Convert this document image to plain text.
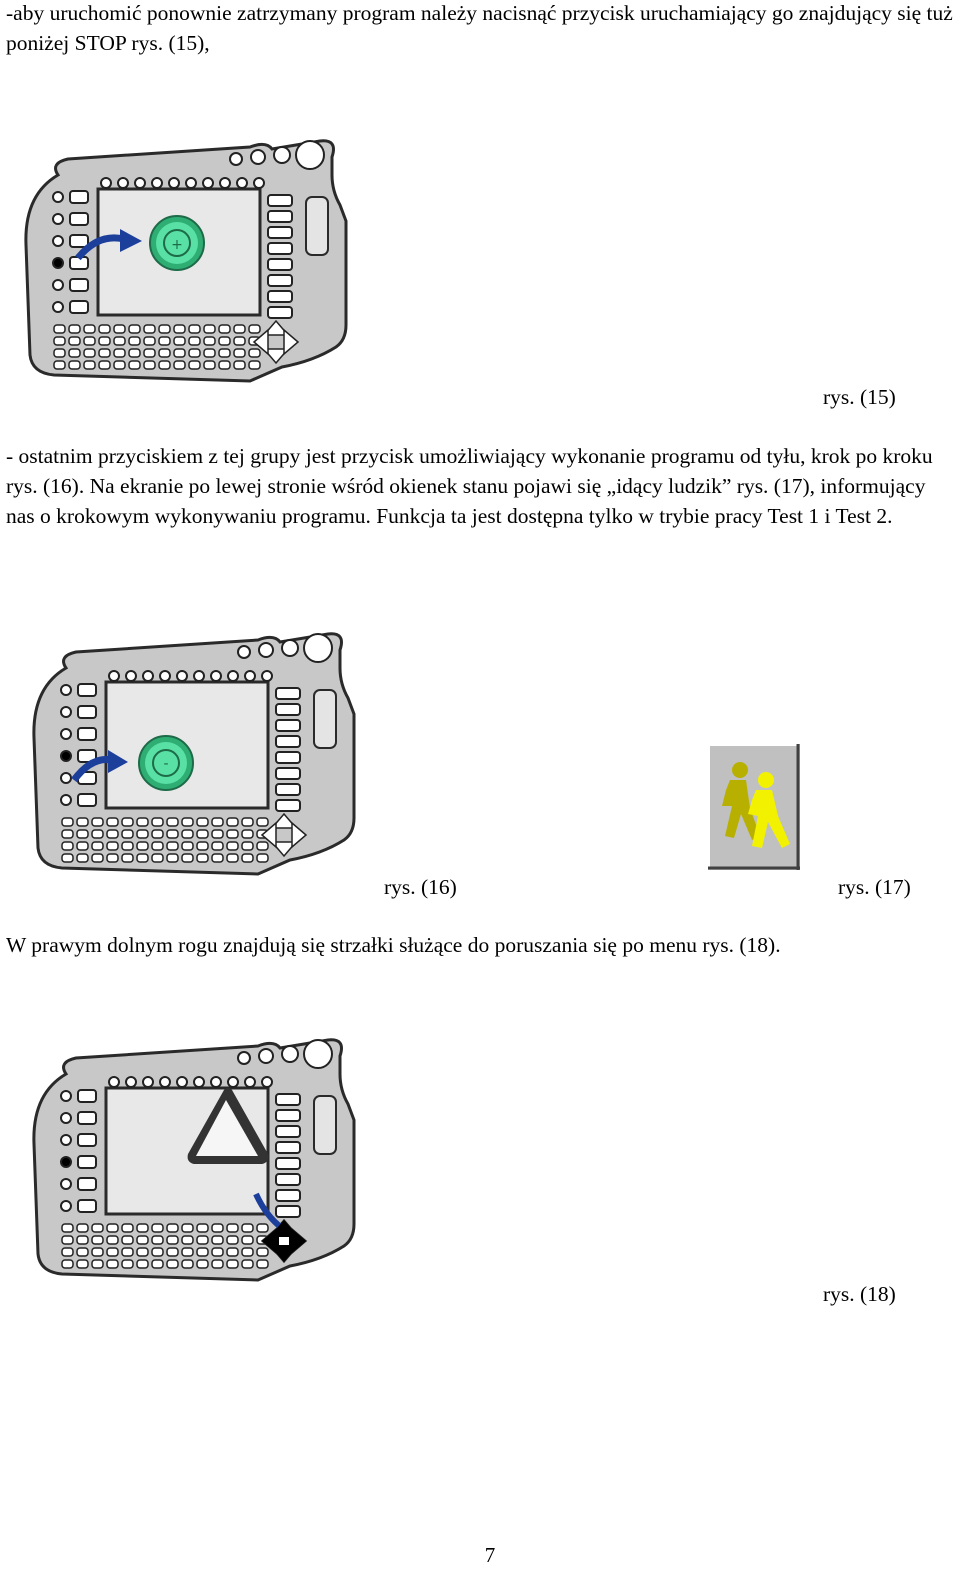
-aby uruchomić ponownie zatrzymany program należy nacisnąć przycisk uruchamiający go znajdujący się tuż poniżej STOP rys. (15),

+
rys. (15)

- ostatnim przyciskiem z tej grupy jest przycisk umożliwiający wykonanie programu od tyłu, krok po kroku rys. (16). Na ekranie po lewej stronie wśród okienek stanu pojawi się „idący ludzik” rys. (17), informujący nas o krokowym wykonywaniu programu. Funkcja ta jest dostępna tylko w trybie pracy Test 1 i Test 2.

-
rys. (16)	rys. (17)

W prawym dolnym rogu znajdują się strzałki służące do poruszania się po menu rys. (18).

rys. (18)
7
